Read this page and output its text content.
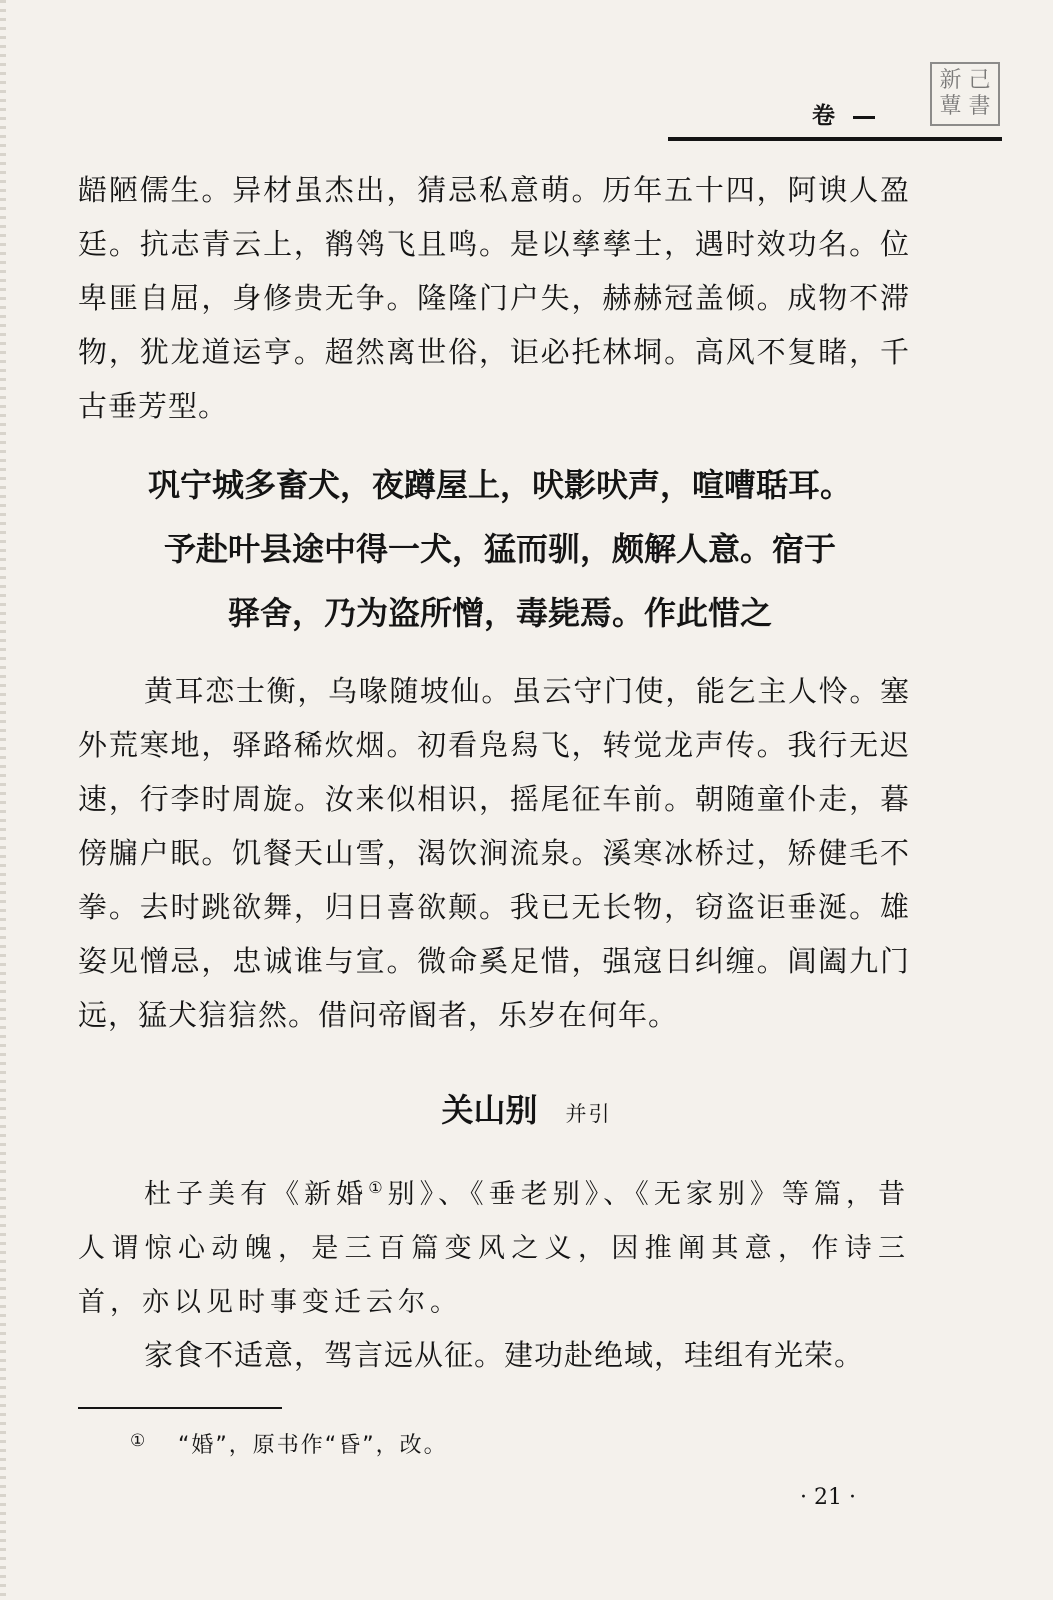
新 己
蕈 書
卷
龉陋儒生。异材虽杰出，猜忌私意萌。历年五十四，阿谀人盈廷。抗志青云上，鹡鸰飞且鸣。是以孳孳士，遇时效功名。位卑匪自屈，身修贵无争。隆隆门户失，赫赫冠盖倾。成物不滞物，犹龙道运亨。超然离世俗，讵必托林垌。高风不复睹，千古垂芳型。
巩宁城多畜犬，夜蹲屋上，吠影吠声，喧嘈聒耳。
予赴叶县途中得一犬，猛而驯，颇解人意。宿于
驿舍，乃为盗所憎，毒毙焉。作此惜之
黄耳恋士衡，乌喙随坡仙。虽云守门使，能乞主人怜。塞外荒寒地，驿路稀炊烟。初看凫舄飞，转觉龙声传。我行无迟速，行李时周旋。汝来似相识，摇尾征车前。朝随童仆走，暮傍牖户眠。饥餐天山雪，渴饮涧流泉。溪寒冰桥过，矫健毛不拳。去时跳欲舞，归日喜欲颠。我已无长物，窃盗讵垂涎。雄姿见憎忌，忠诚谁与宣。微命奚足惜，强寇日纠缠。阊阖九门远，猛犬狺狺然。借问帝阍者，乐岁在何年。
关山别 并引
杜子美有《新婚①别》、《垂老别》、《无家别》等篇，昔人谓惊心动魄，是三百篇变风之义，因推阐其意，作诗三首，亦以见时事变迁云尔。
家食不适意，驾言远从征。建功赴绝域，珪组有光荣。
① “婚”，原书作“昏”，改。
· 21 ·
